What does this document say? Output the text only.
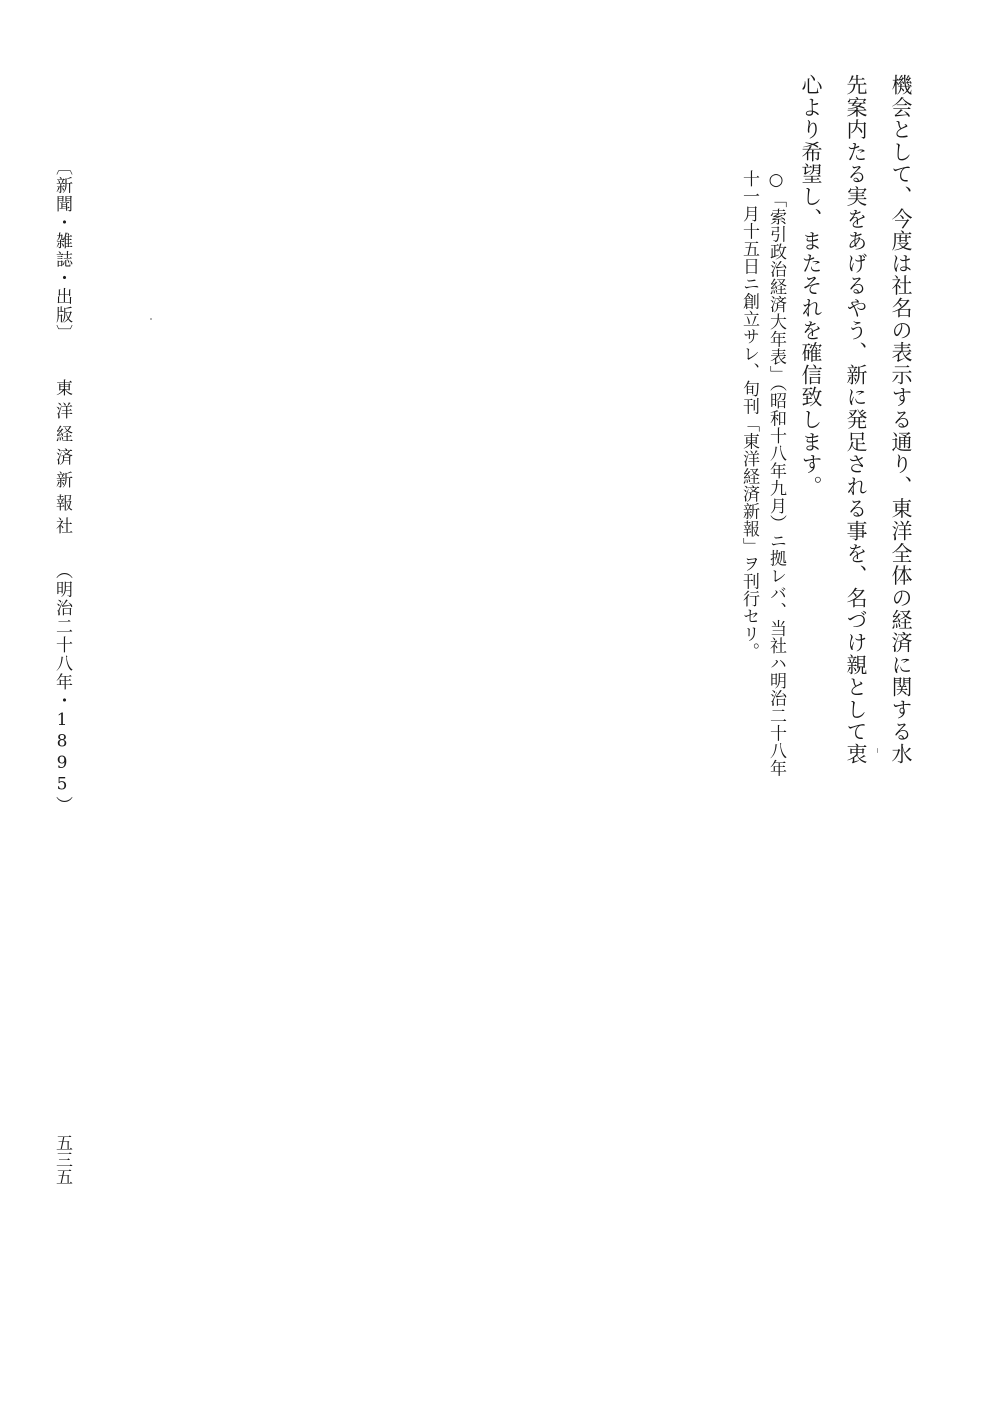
機会として、今度は社名の表示する通り、東洋全体の経済に関する水
先案内たる実をあげるやう、新に発足される事を、名づけ親として衷
心より希望し、またそれを確信致します。
○「索引政治経済大年表」（昭和十八年九月）ニ拠レバ、当社ハ明治二十八年
十一月十五日ニ創立サレ、旬刊「東洋経済新報」ヲ刊行セリ。
〔新聞・雑誌・出版〕東洋経済新報社（明治二十八年・1895）
五三五
